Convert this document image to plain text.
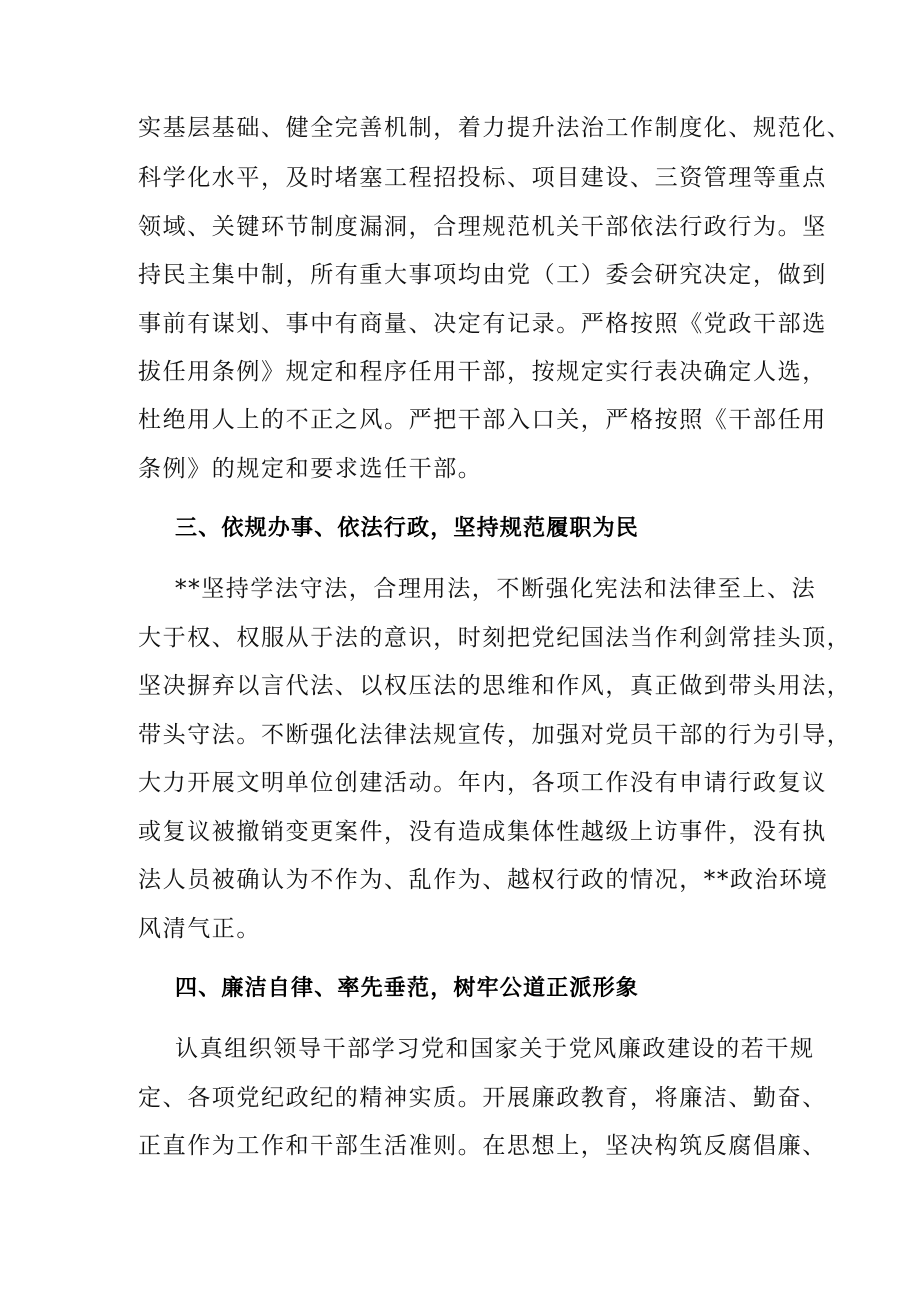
实基层基础、健全完善机制，着力提升法治工作制度化、规范化、
科学化水平，及时堵塞工程招投标、项目建设、三资管理等重点
领域、关键环节制度漏洞，合理规范机关干部依法行政行为。坚
持民主集中制，所有重大事项均由党（工）委会研究决定，做到
事前有谋划、事中有商量、决定有记录。严格按照《党政干部选
拔任用条例》规定和程序任用干部，按规定实行表决确定人选，
杜绝用人上的不正之风。严把干部入口关，严格按照《干部任用
条例》的规定和要求选任干部。
三、依规办事、依法行政，坚持规范履职为民
**坚持学法守法，合理用法，不断强化宪法和法律至上、法
大于权、权服从于法的意识，时刻把党纪国法当作利剑常挂头顶，
坚决摒弃以言代法、以权压法的思维和作风，真正做到带头用法，
带头守法。不断强化法律法规宣传，加强对党员干部的行为引导，
大力开展文明单位创建活动。年内，各项工作没有申请行政复议
或复议被撤销变更案件，没有造成集体性越级上访事件，没有执
法人员被确认为不作为、乱作为、越权行政的情况，**政治环境
风清气正。
四、廉洁自律、率先垂范，树牢公道正派形象
认真组织领导干部学习党和国家关于党风廉政建设的若干规
定、各项党纪政纪的精神实质。开展廉政教育，将廉洁、勤奋、
正直作为工作和干部生活准则。在思想上，坚决构筑反腐倡廉、
